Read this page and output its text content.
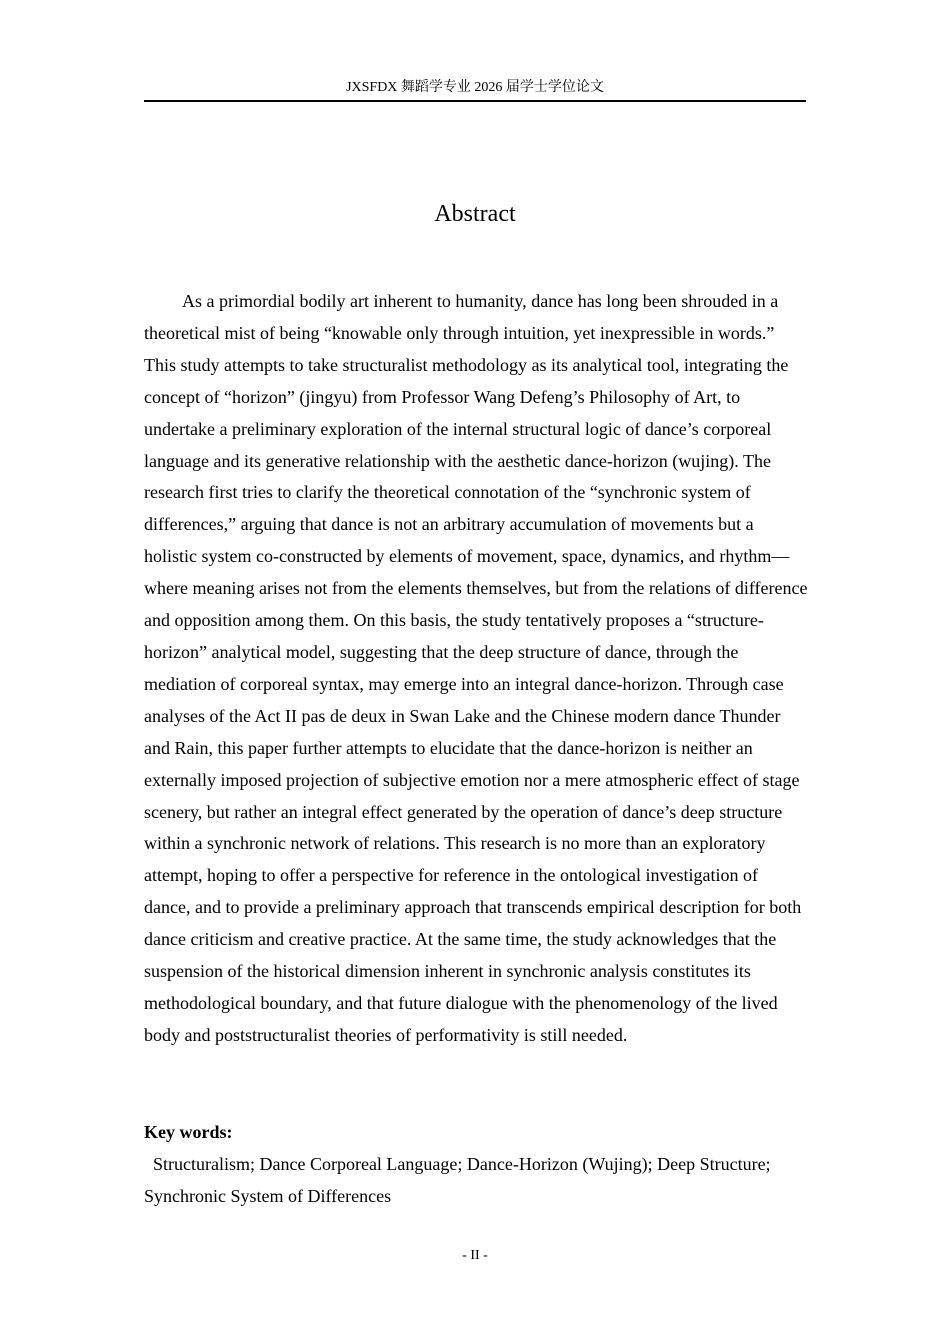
JXSFDX 舞蹈学专业 2026 届学士学位论文
Abstract

As a primordial bodily art inherent to humanity, dance has long been shrouded in a theoretical mist of being “knowable only through intuition, yet inexpressible in words.” This study attempts to take structuralist methodology as its analytical tool, integrating the concept of “horizon” (jingyu) from Professor Wang Defeng’s Philosophy of Art, to undertake a preliminary exploration of the internal structural logic of dance’s corporeal language and its generative relationship with the aesthetic dance-horizon (wujing). The research first tries to clarify the theoretical connotation of the “synchronic system of differences,” arguing that dance is not an arbitrary accumulation of movements but a holistic system co-constructed by elements of movement, space, dynamics, and rhythm—where meaning arises not from the elements themselves, but from the relations of difference and opposition among them. On this basis, the study tentatively proposes a “structure-horizon” analytical model, suggesting that the deep structure of dance, through the mediation of corporeal syntax, may emerge into an integral dance-horizon. Through case analyses of the Act II pas de deux in Swan Lake and the Chinese modern dance Thunder and Rain, this paper further attempts to elucidate that the dance-horizon is neither an externally imposed projection of subjective emotion nor a mere atmospheric effect of stage scenery, but rather an integral effect generated by the operation of dance’s deep structure within a synchronic network of relations. This research is no more than an exploratory attempt, hoping to offer a perspective for reference in the ontological investigation of dance, and to provide a preliminary approach that transcends empirical description for both dance criticism and creative practice. At the same time, the study acknowledges that the suspension of the historical dimension inherent in synchronic analysis constitutes its methodological boundary, and that future dialogue with the phenomenology of the lived body and poststructuralist theories of performativity is still needed.

Key words:

Structuralism; Dance Corporeal Language; Dance-Horizon (Wujing); Deep Structure; Synchronic System of Differences

- II -
